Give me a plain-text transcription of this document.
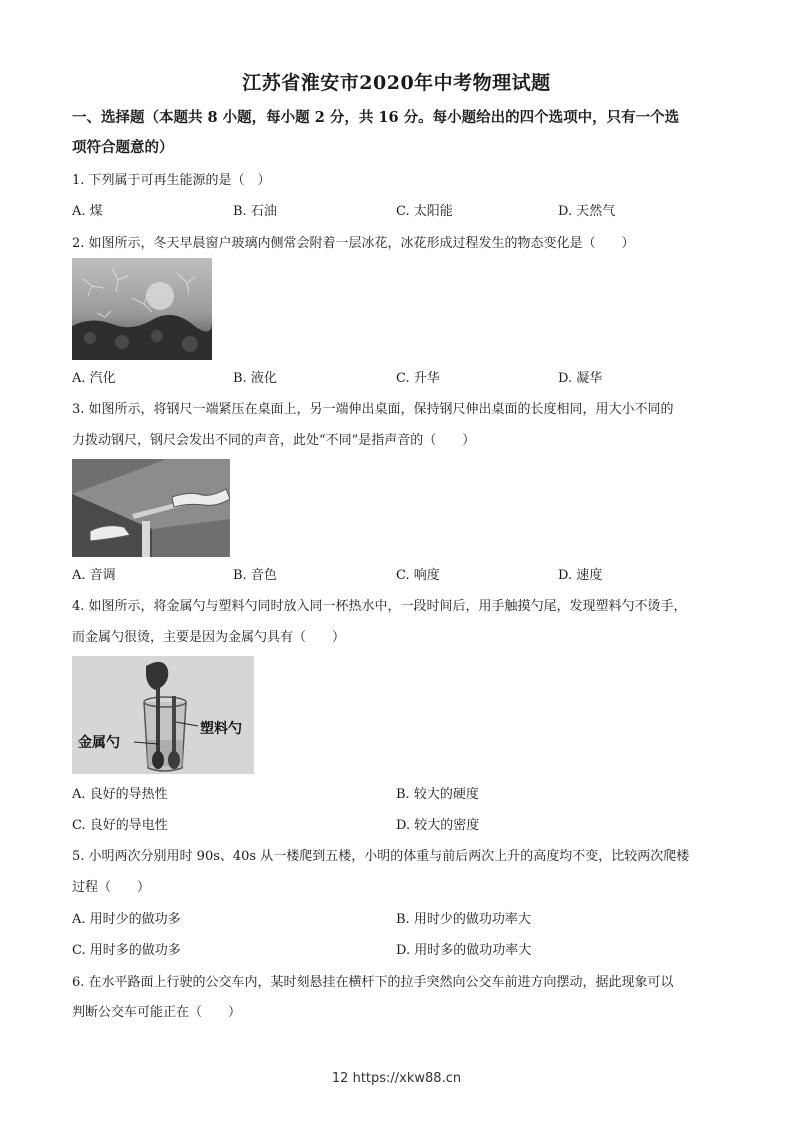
江苏省淮安市2020年中考物理试题
一、选择题（本题共 8 小题，每小题 2 分，共 16 分。每小题给出的四个选项中，只有一个选
项符合题意的）
1. 下列属于可再生能源的是（　）
A. 煤	B. 石油	C. 太阳能	D. 天然气
2. 如图所示，冬天早晨窗户玻璃内侧常会附着一层冰花，冰花形成过程发生的物态变化是（　　）
A. 汽化	B. 液化	C. 升华	D. 凝华
3. 如图所示，将钢尺一端紧压在桌面上，另一端伸出桌面，保持钢尺伸出桌面的长度相同，用大小不同的
力拨动钢尺，钢尺会发出不同的声音，此处“不同”是指声音的（　　）
A. 音调	B. 音色	C. 响度	D. 速度
4. 如图所示，将金属勺与塑料勺同时放入同一杯热水中，一段时间后，用手触摸勺尾，发现塑料勺不烫手，
而金属勺很烫，主要是因为金属勺具有（　　）
金属勺
塑料勺
A. 良好的导热性	B. 较大的硬度
C. 良好的导电性	D. 较大的密度
5. 小明两次分别用时 90s、40s 从一楼爬到五楼，小明的体重与前后两次上升的高度均不变，比较两次爬楼
过程（　　）
A. 用时少的做功多	B. 用时少的做功功率大
C. 用时多的做功多	D. 用时多的做功功率大
6. 在水平路面上行驶的公交车内，某时刻悬挂在横杆下的拉手突然向公交车前进方向摆动，据此现象可以
判断公交车可能正在（　　）
12 https://xkw88.cn
